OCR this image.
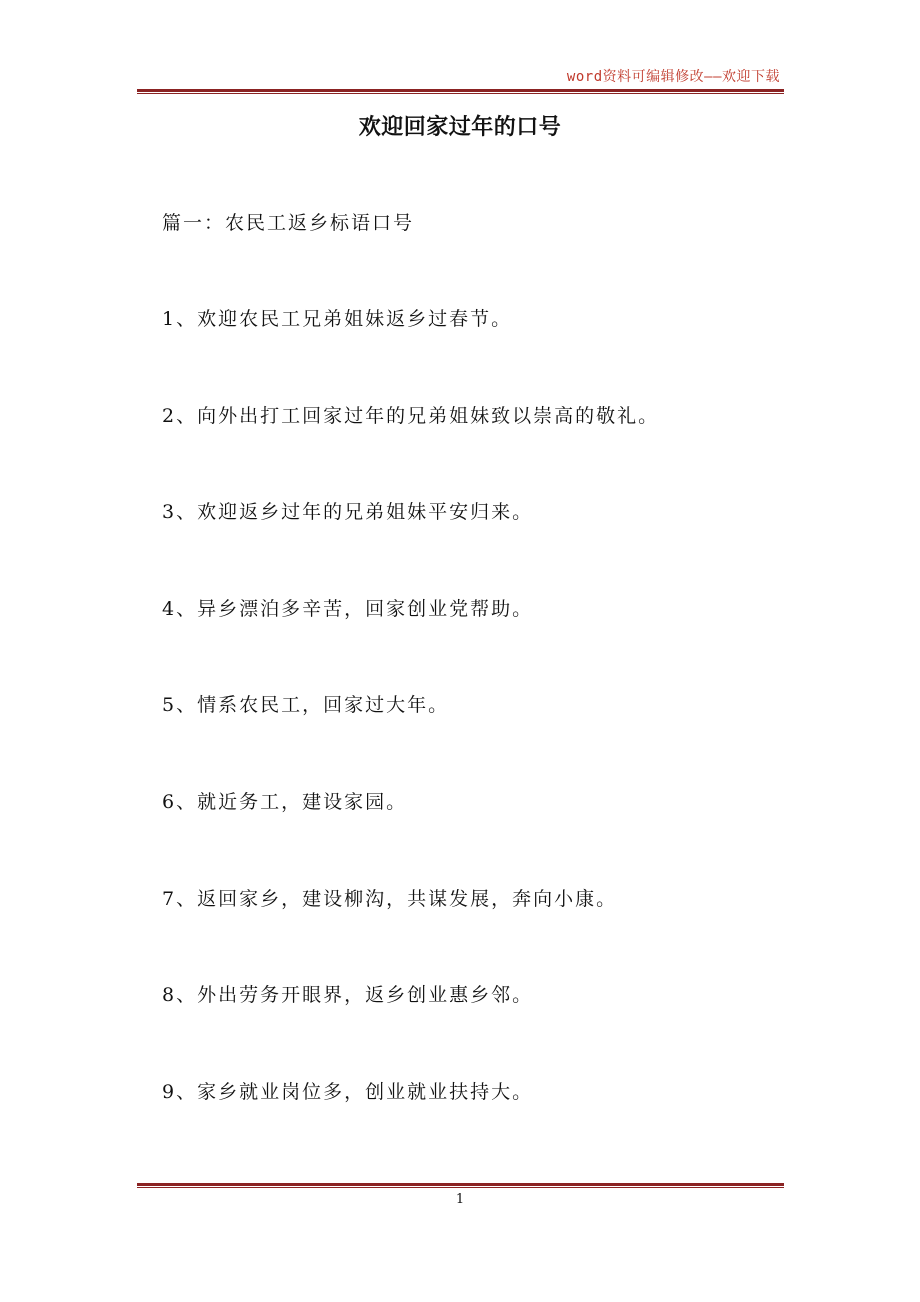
word资料可编辑修改——欢迎下载
欢迎回家过年的口号
篇一：农民工返乡标语口号
1、欢迎农民工兄弟姐妹返乡过春节。
2、向外出打工回家过年的兄弟姐妹致以崇高的敬礼。
3、欢迎返乡过年的兄弟姐妹平安归来。
4、异乡漂泊多辛苦，回家创业党帮助。
5、情系农民工，回家过大年。
6、就近务工，建设家园。
7、返回家乡，建设柳沟，共谋发展，奔向小康。
8、外出劳务开眼界，返乡创业惠乡邻。
9、家乡就业岗位多，创业就业扶持大。
1
